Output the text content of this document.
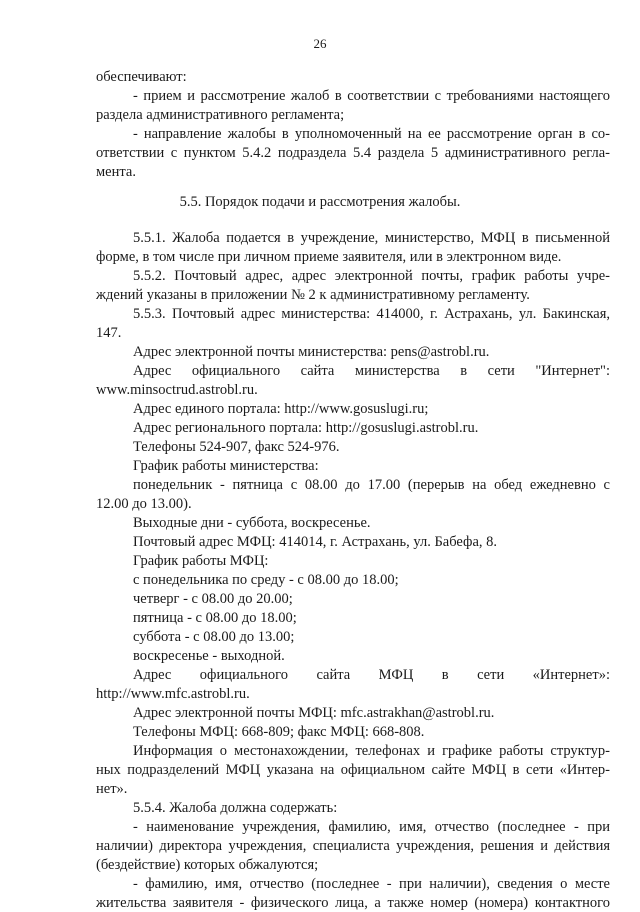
26
обеспечивают:
- прием и рассмотрение жалоб в соответствии с требованиями настоящего
раздела административного регламента;
- направление жалобы в уполномоченный на ее рассмотрение орган в со-
ответствии с пунктом 5.4.2 подраздела 5.4 раздела 5 административного регла-
мента.
5.5. Порядок подачи и рассмотрения жалобы.
5.5.1. Жалоба подается в учреждение, министерство, МФЦ в письменной
форме, в том числе при личном приеме заявителя, или в электронном виде.
5.5.2. Почтовый адрес, адрес электронной почты, график работы учре-
ждений указаны в приложении № 2 к административному регламенту.
5.5.3. Почтовый адрес министерства: 414000, г. Астрахань, ул. Бакинская,
147.
Адрес электронной почты министерства: pens@astrobl.ru.
Адрес официального сайта министерства в сети "Интернет":
www.minsoctrud.astrobl.ru.
Адрес единого портала: http://www.gosuslugi.ru;
Адрес регионального портала: http://gosuslugi.astrobl.ru.
Телефоны 524-907, факс 524-976.
График работы министерства:
понедельник - пятница с 08.00 до 17.00 (перерыв на обед ежедневно с
12.00 до 13.00).
Выходные дни - суббота, воскресенье.
Почтовый адрес МФЦ: 414014, г. Астрахань, ул. Бабефа, 8.
График работы МФЦ:
с понедельника по среду - с 08.00 до 18.00;
четверг - с 08.00 до 20.00;
пятница - с 08.00 до 18.00;
суббота - с 08.00 до 13.00;
воскресенье - выходной.
Адрес официального сайта МФЦ в сети «Интернет»:
http://www.mfc.astrobl.ru.
Адрес электронной почты МФЦ: mfc.astrakhan@astrobl.ru.
Телефоны МФЦ: 668-809; факс МФЦ: 668-808.
Информация о местонахождении, телефонах и графике работы структур-
ных подразделений МФЦ указана на официальном сайте МФЦ в сети «Интер-
нет».
5.5.4. Жалоба должна содержать:
- наименование учреждения, фамилию, имя, отчество (последнее - при
наличии) директора учреждения, специалиста учреждения, решения и действия
(бездействие) которых обжалуются;
- фамилию, имя, отчество (последнее - при наличии), сведения о месте
жительства заявителя - физического лица, а также номер (номера) контактного
